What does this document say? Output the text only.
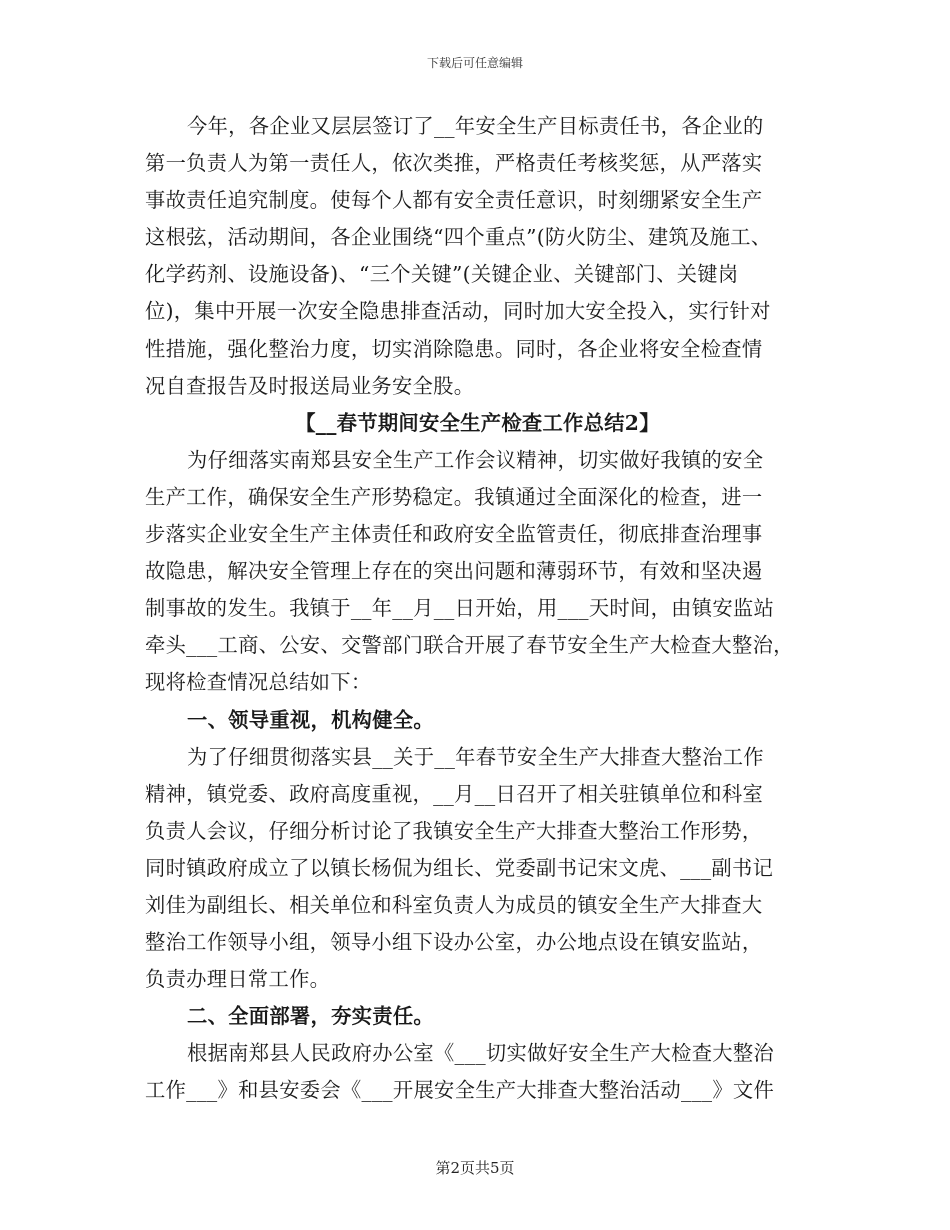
下载后可任意编辑
今年，各企业又层层签订了__年安全生产目标责任书，各企业的
第一负责人为第一责任人，依次类推，严格责任考核奖惩，从严落实
事故责任追究制度。使每个人都有安全责任意识，时刻绷紧安全生产
这根弦，活动期间，各企业围绕“四个重点”(防火防尘、建筑及施工、
化学药剂、设施设备)、“三个关键”(关键企业、关键部门、关键岗
位)，集中开展一次安全隐患排查活动，同时加大安全投入，实行针对
性措施，强化整治力度，切实消除隐患。同时，各企业将安全检查情
况自查报告及时报送局业务安全股。
【__春节期间安全生产检查工作总结2】
为仔细落实南郑县安全生产工作会议精神，切实做好我镇的安全
生产工作，确保安全生产形势稳定。我镇通过全面深化的检查，进一
步落实企业安全生产主体责任和政府安全监管责任，彻底排查治理事
故隐患，解决安全管理上存在的突出问题和薄弱环节，有效和坚决遏
制事故的发生。我镇于__年__月__日开始，用___天时间，由镇安监站
牵头___工商、公安、交警部门联合开展了春节安全生产大检查大整治，
现将检查情况总结如下：
一、领导重视，机构健全。
为了仔细贯彻落实县__关于__年春节安全生产大排查大整治工作
精神，镇党委、政府高度重视，__月__日召开了相关驻镇单位和科室
负责人会议，仔细分析讨论了我镇安全生产大排查大整治工作形势，
同时镇政府成立了以镇长杨侃为组长、党委副书记宋文虎、___副书记
刘佳为副组长、相关单位和科室负责人为成员的镇安全生产大排查大
整治工作领导小组，领导小组下设办公室，办公地点设在镇安监站，
负责办理日常工作。
二、全面部署，夯实责任。
根据南郑县人民政府办公室《___切实做好安全生产大检查大整治
工作___》和县安委会《___开展安全生产大排查大整治活动___》文件
第2页共5页
